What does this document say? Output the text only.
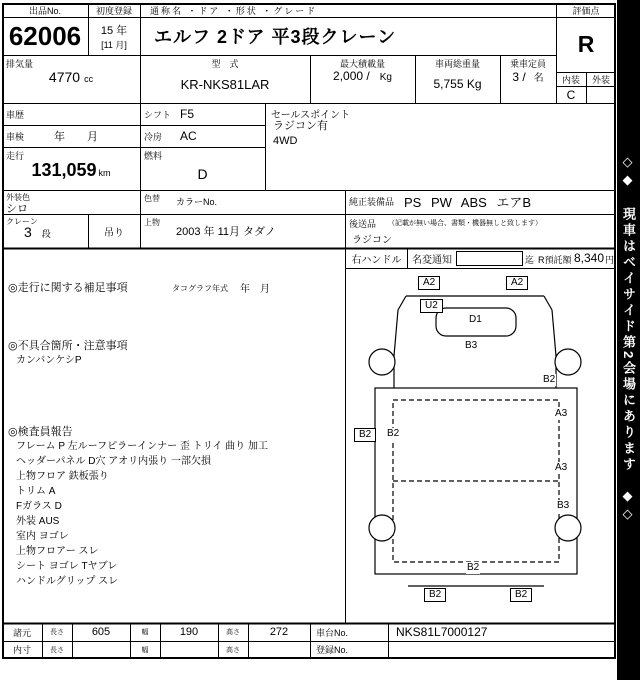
出品No.
62006
初度登録
15 年
[11 月]
通称名 ・ドア ・形状 ・グレード
エルフ 2ドア 平3段クレーン
評価点
R
内装	外装
C
排気量
4770 cc
型　式
KR-NKS81LAR
最大積載量
2,000 / Kg
車両総重量
5,755 Kg
乗車定員
3 / 名
車歴	シフト F5
車検	年　　月	冷房	AC
走行
131,059 km
燃料
D
外装色
シロ
色替	カラーNo.
クレーン
3 段	吊り
上物
2003 年 11月 タダノ
セールスポイント
ラジコン有
4WD
純正装備品 PS PW ABS エアB
後送品	（記載が無い場合、書類・機器無しと致します）
ラジコン
右ハンドル	名変通知	迄 R預託額 8,340 円
◎走行に関する補足事項	タコグラフ年式	年　月
◎不具合箇所・注意事項
カンバンケシP
◎検査員報告
フレーム P 左ルーフピラーインナー 歪 トリイ 曲り 加工
ヘッダーパネル D穴 アオリ内張り 一部欠損
上物フロア 鉄板張り
トリム A
Fガラス D
外装 AUS
室内 ヨゴレ
上物フロアー スレ
シート ヨゴレ Tヤブレ
ハンドルグリップ スレ

A2	A2
U2
D1
B3
B2
A3
B2	B2
A3
B3
B2
B2	B2

諸元
内寸
長さ	605	幅	190	高さ	272	車台No.	NKS81L7000127
長さ	幅	高さ	登録No.
◇◆　現車はベイサイド第2会場にあります　◆◇
